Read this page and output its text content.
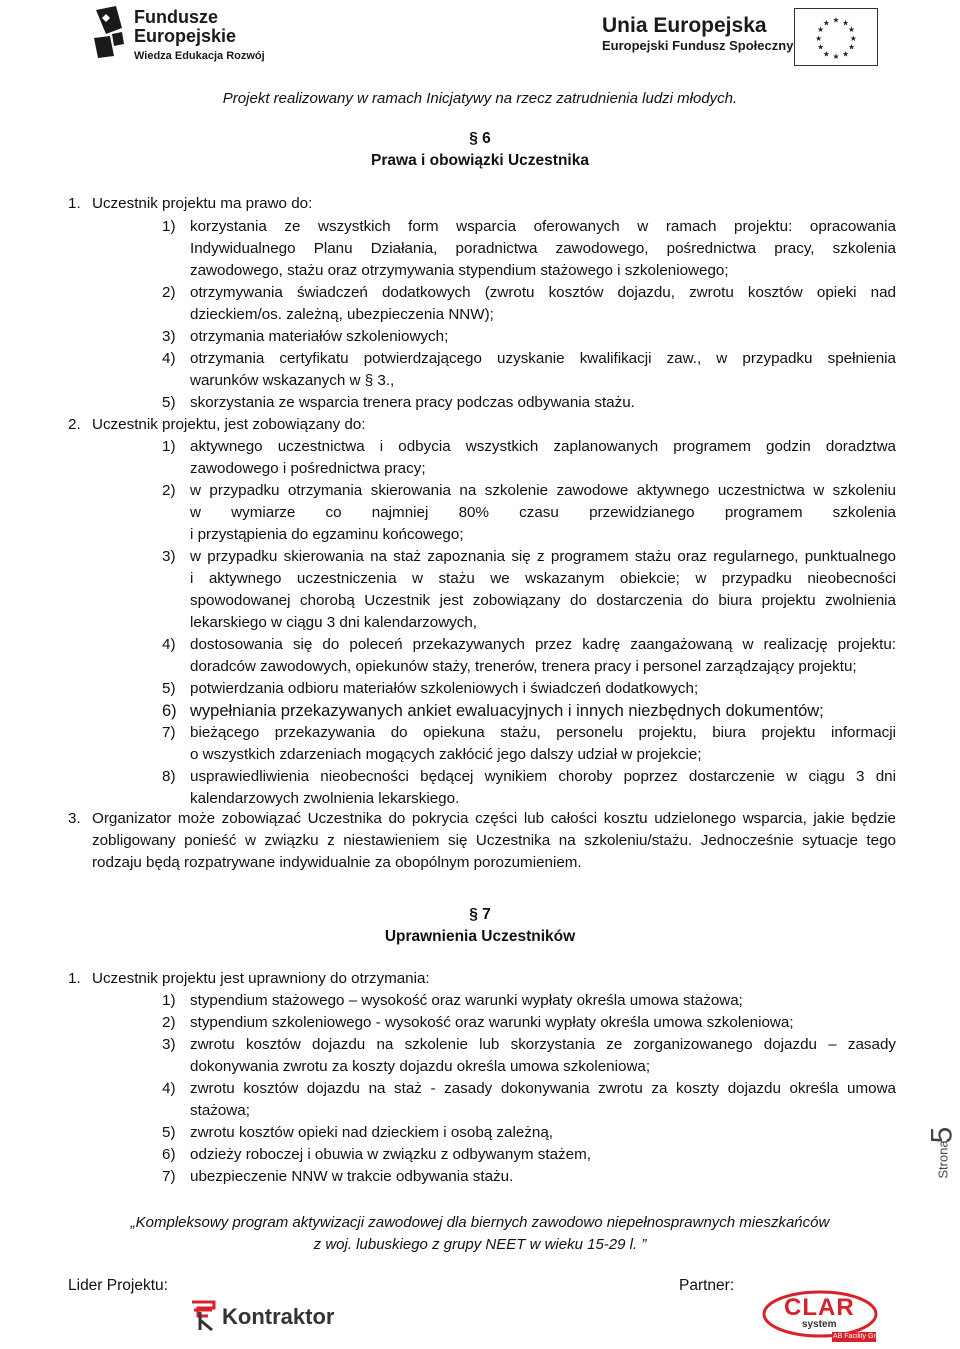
Fundusze
Europejskie
Wiedza Edukacja Rozwój
Unia Europejska
Europejski Fundusz Społeczny
★ ★
★
★
★
★
★
★
★
★
★
★
Projekt realizowany w ramach Inicjatywy na rzecz zatrudnienia ludzi młodych.
§ 6
Prawa i obowiązki Uczestnika
1. Uczestnik projektu ma prawo do:
1) korzystania ze wszystkich form wsparcia oferowanych w ramach projektu: opracowania
Indywidualnego Planu Działania, poradnictwa zawodowego, pośrednictwa pracy, szkolenia
zawodowego, stażu oraz otrzymywania stypendium stażowego i szkoleniowego;
2) otrzymywania świadczeń dodatkowych (zwrotu kosztów dojazdu, zwrotu kosztów opieki nad
dzieckiem/os. zależną, ubezpieczenia NNW);
3) otrzymania materiałów szkoleniowych;
4) otrzymania certyfikatu potwierdzającego uzyskanie kwalifikacji zaw., w przypadku spełnienia
warunków wskazanych w § 3.,
5) skorzystania ze wsparcia trenera pracy podczas odbywania stażu.
2. Uczestnik projektu, jest zobowiązany do:
1) aktywnego uczestnictwa i odbycia wszystkich zaplanowanych programem godzin doradztwa
zawodowego i pośrednictwa pracy;
2) w przypadku otrzymania skierowania na szkolenie zawodowe aktywnego uczestnictwa w szkoleniu
w wymiarze co najmniej 80% czasu przewidzianego programem szkolenia
i przystąpienia do egzaminu końcowego;
3) w przypadku skierowania na staż zapoznania się z programem stażu oraz regularnego, punktualnego
i aktywnego uczestniczenia w stażu we wskazanym obiekcie; w przypadku nieobecności
spowodowanej chorobą Uczestnik jest zobowiązany do dostarczenia do biura projektu zwolnienia
lekarskiego w ciągu 3 dni kalendarzowych,
4) dostosowania się do poleceń przekazywanych przez kadrę zaangażowaną w realizację projektu:
doradców zawodowych, opiekunów staży, trenerów, trenera pracy i personel zarządzający projektu;
5) potwierdzania odbioru materiałów szkoleniowych i świadczeń dodatkowych;
6) wypełniania przekazywanych ankiet ewaluacyjnych i innych niezbędnych dokumentów;
7) bieżącego przekazywania do opiekuna stażu, personelu projektu, biura projektu informacji
o wszystkich zdarzeniach mogących zakłócić jego dalszy udział w projekcie;
8) usprawiedliwienia nieobecności będącej wynikiem choroby poprzez dostarczenie w ciągu 3 dni
kalendarzowych zwolnienia lekarskiego.
3. Organizator może zobowiązać Uczestnika do pokrycia części lub całości kosztu udzielonego wsparcia, jakie będzie
zobligowany ponieść w związku z niestawieniem się Uczestnika na szkoleniu/stażu. Jednocześnie sytuacje tego
rodzaju będą rozpatrywane indywidualnie za obopólnym porozumieniem.
§ 7
Uprawnienia Uczestników
1. Uczestnik projektu jest uprawniony do otrzymania:
1) stypendium stażowego – wysokość oraz warunki wypłaty określa umowa stażowa;
2) stypendium szkoleniowego - wysokość oraz warunki wypłaty określa umowa szkoleniowa;
3) zwrotu kosztów dojazdu na szkolenie lub skorzystania ze zorganizowanego dojazdu – zasady
dokonywania zwrotu za koszty dojazdu określa umowa szkoleniowa;
4) zwrotu kosztów dojazdu na staż - zasady dokonywania zwrotu za koszty dojazdu określa umowa
stażowa;
5) zwrotu kosztów opieki nad dzieckiem i osobą zależną,
6) odzieży roboczej i obuwia w związku z odbywanym stażem,
7) ubezpieczenie NNW w trakcie odbywania stażu.
5
Strona
„Kompleksowy program aktywizacji zawodowej dla biernych zawodowo niepełnosprawnych mieszkańców
z woj. lubuskiego z grupy NEET w wieku 15-29 l. ”
Lider Projektu:	Partner:
Kontraktor	CLAR
system
AB Facility Group
